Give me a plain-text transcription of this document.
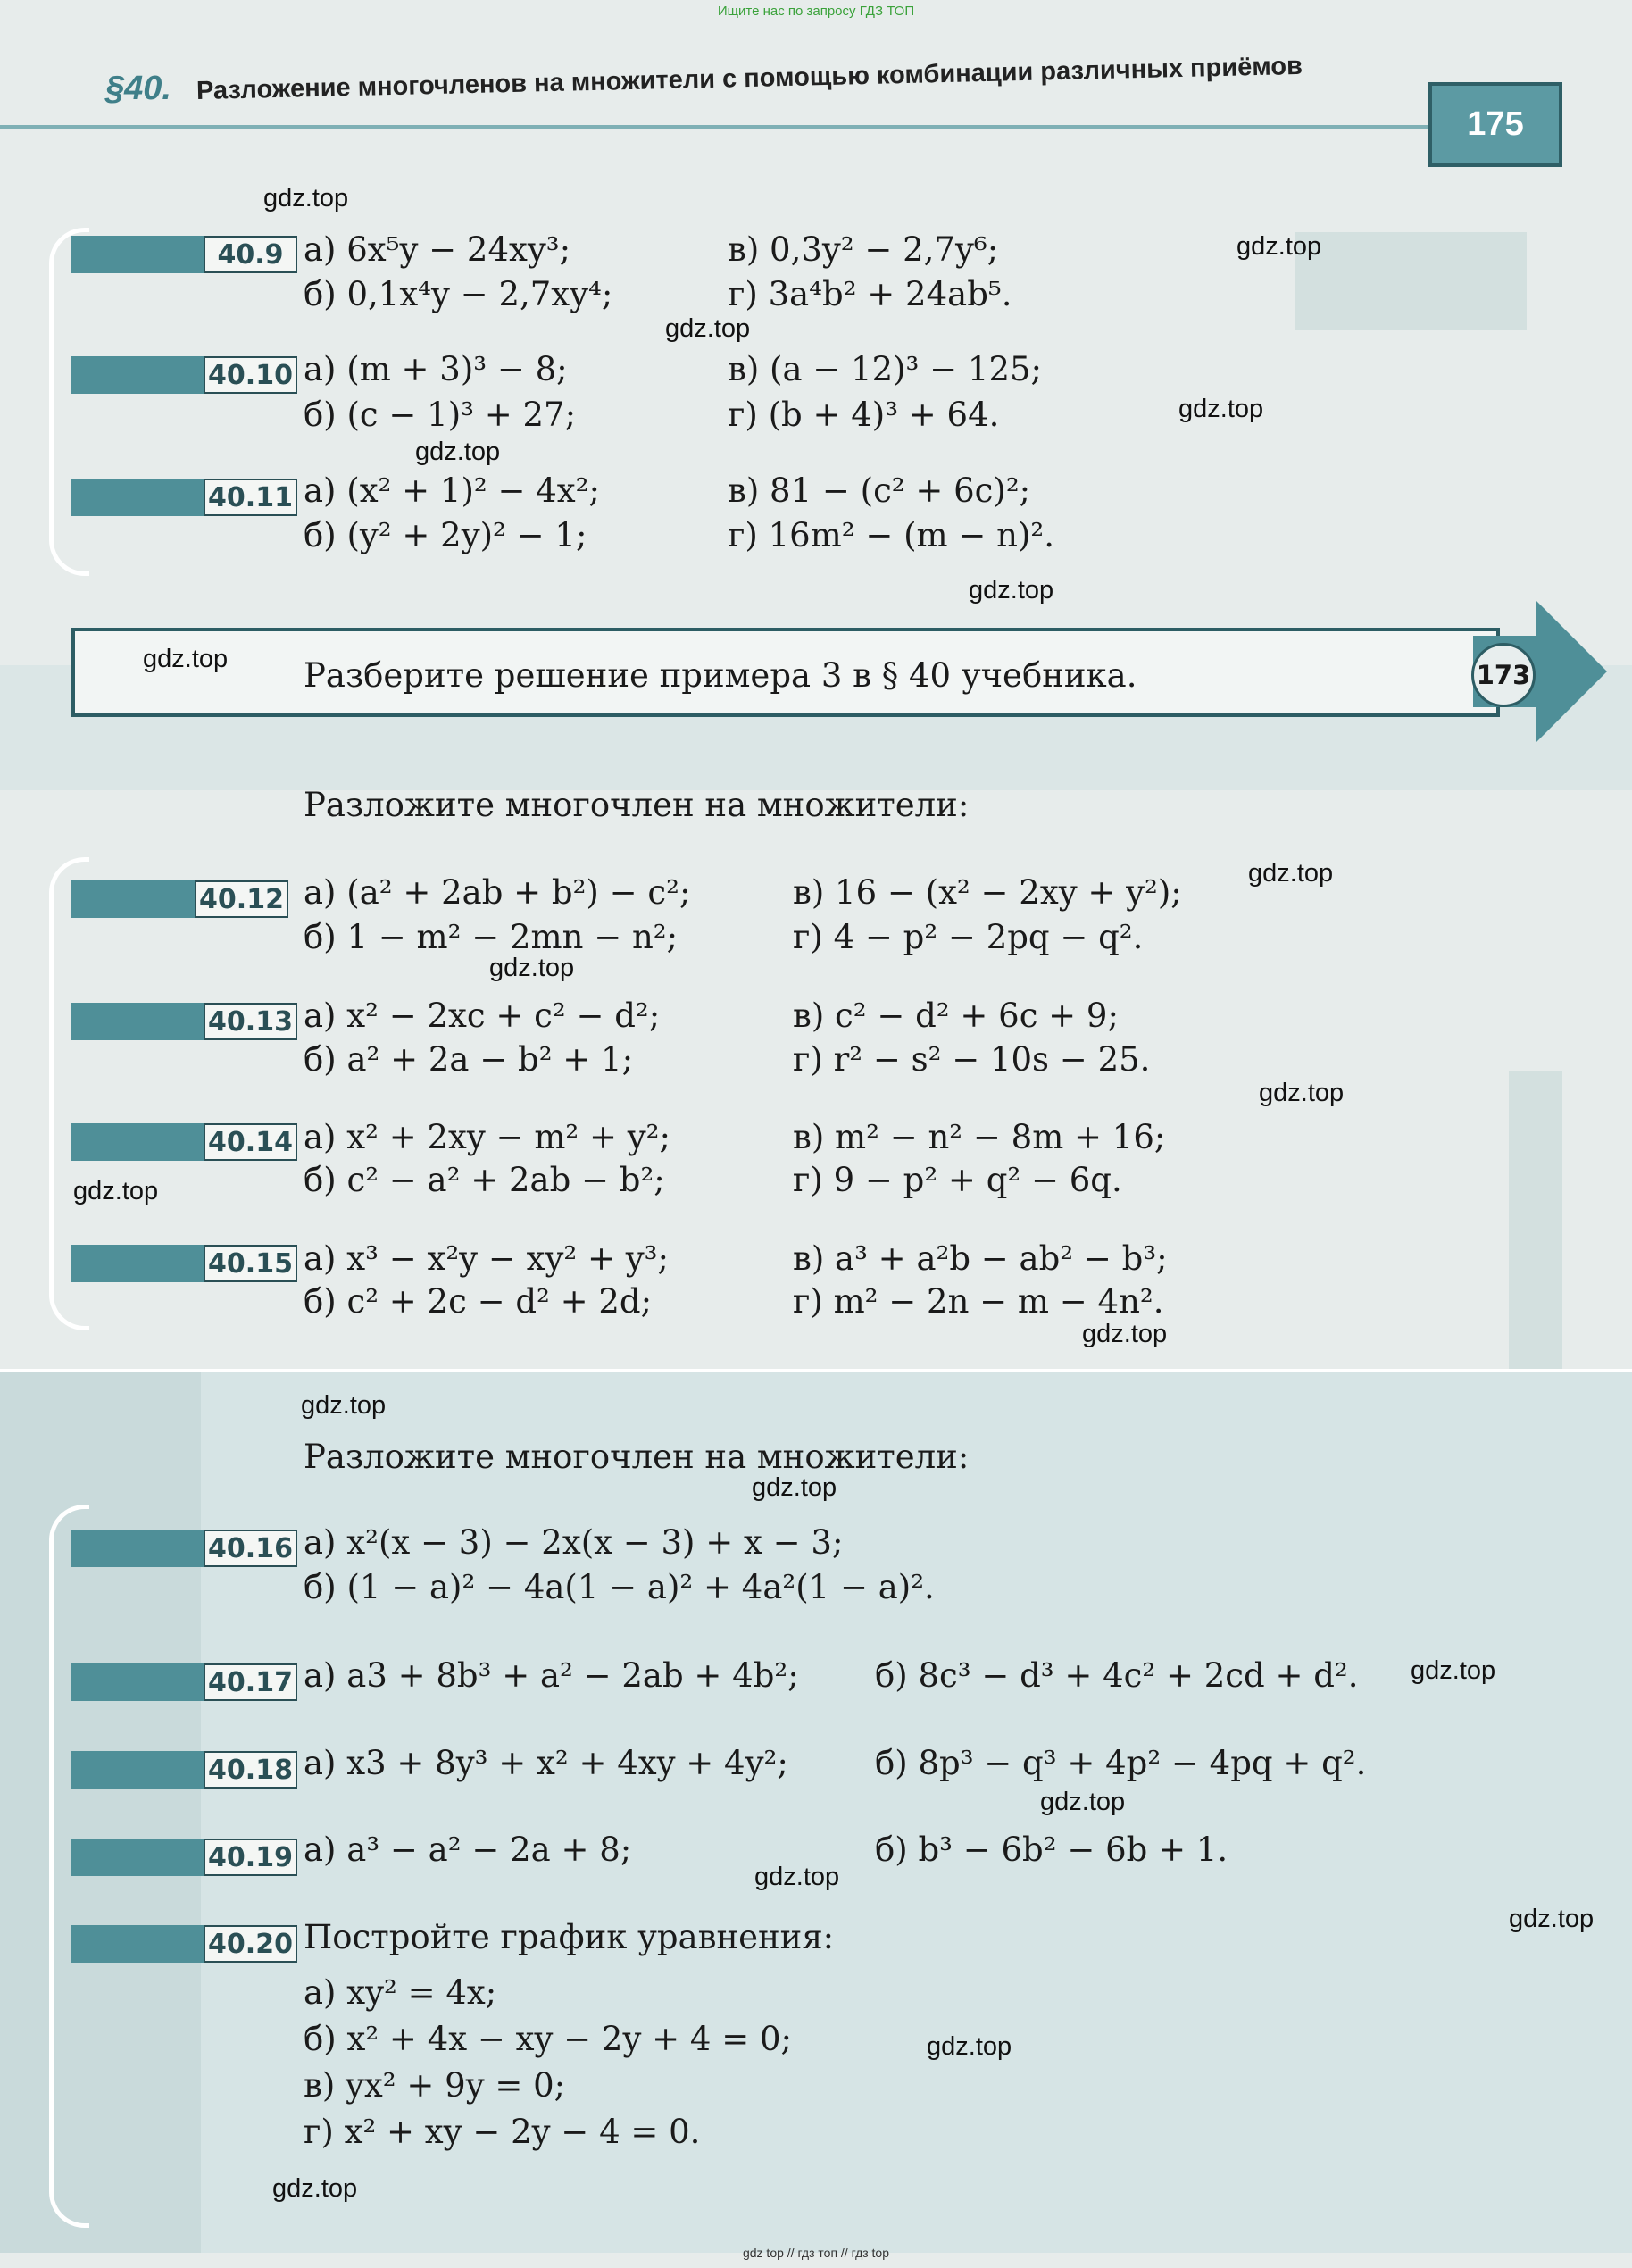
Ищите нас по запросу ГДЗ ТОП
§40. Разложение многочленов на множители с помощью комбинации различных приёмов
175
40.9 а) 6x⁵y − 24xy³;	в) 0,3y² − 2,7y⁶;
б) 0,1x⁴y − 2,7xy⁴;	г) 3a⁴b² + 24ab⁵.
40.10 а) (m + 3)³ − 8;	в) (a − 12)³ − 125;
б) (c − 1)³ + 27;	г) (b + 4)³ + 64.
40.11 а) (x² + 1)² − 4x²;	в) 81 − (c² + 6c)²;
б) (y² + 2y)² − 1;	г) 16m² − (m − n)².
Разберите решение примера 3 в § 40 учебника.	173
Разложите многочлен на множители:
40.12 а) (a² + 2ab + b²) − c²;	в) 16 − (x² − 2xy + y²);
б) 1 − m² − 2mn − n²;	г) 4 − p² − 2pq − q².
40.13 а) x² − 2xc + c² − d²;	в) c² − d² + 6c + 9;
б) a² + 2a − b² + 1;	г) r² − s² − 10s − 25.
40.14 а) x² + 2xy − m² + y²;	в) m² − n² − 8m + 16;
б) c² − a² + 2ab − b²;	г) 9 − p² + q² − 6q.
40.15 а) x³ − x²y − xy² + y³;	в) a³ + a²b − ab² − b³;
б) c² + 2c − d² + 2d;	г) m² − 2n − m − 4n².
Разложите многочлен на множители:
40.16 а) x²(x − 3) − 2x(x − 3) + x − 3;
б) (1 − a)² − 4a(1 − a)² + 4a²(1 − a)².
40.17 а) a3 + 8b³ + a² − 2ab + 4b²; б) 8c³ − d³ + 4c² + 2cd + d².
40.18 а) x3 + 8y³ + x² + 4xy + 4y²;	б) 8p³ − q³ + 4p² − 4pq + q².
40.19 а) a³ − a² − 2a + 8;	б) b³ − 6b² − 6b + 1.
40.20 Постройте график уравнения:
а) xy² = 4x;
б) x² + 4x − xy − 2y + 4 = 0;
в) yx² + 9y = 0;
г) x² + xy − 2y − 4 = 0.
gdz.top
gdz.top
gdz.top
gdz.top
gdz.top
gdz.top
gdz.top
gdz.top
gdz.top
gdz.top
gdz.top
gdz.top
gdz.top
gdz.top
gdz.top
gdz.top
gdz.top
gdz.top
gdz.top
gdz.top
gdz top // гдз топ // гдз top
